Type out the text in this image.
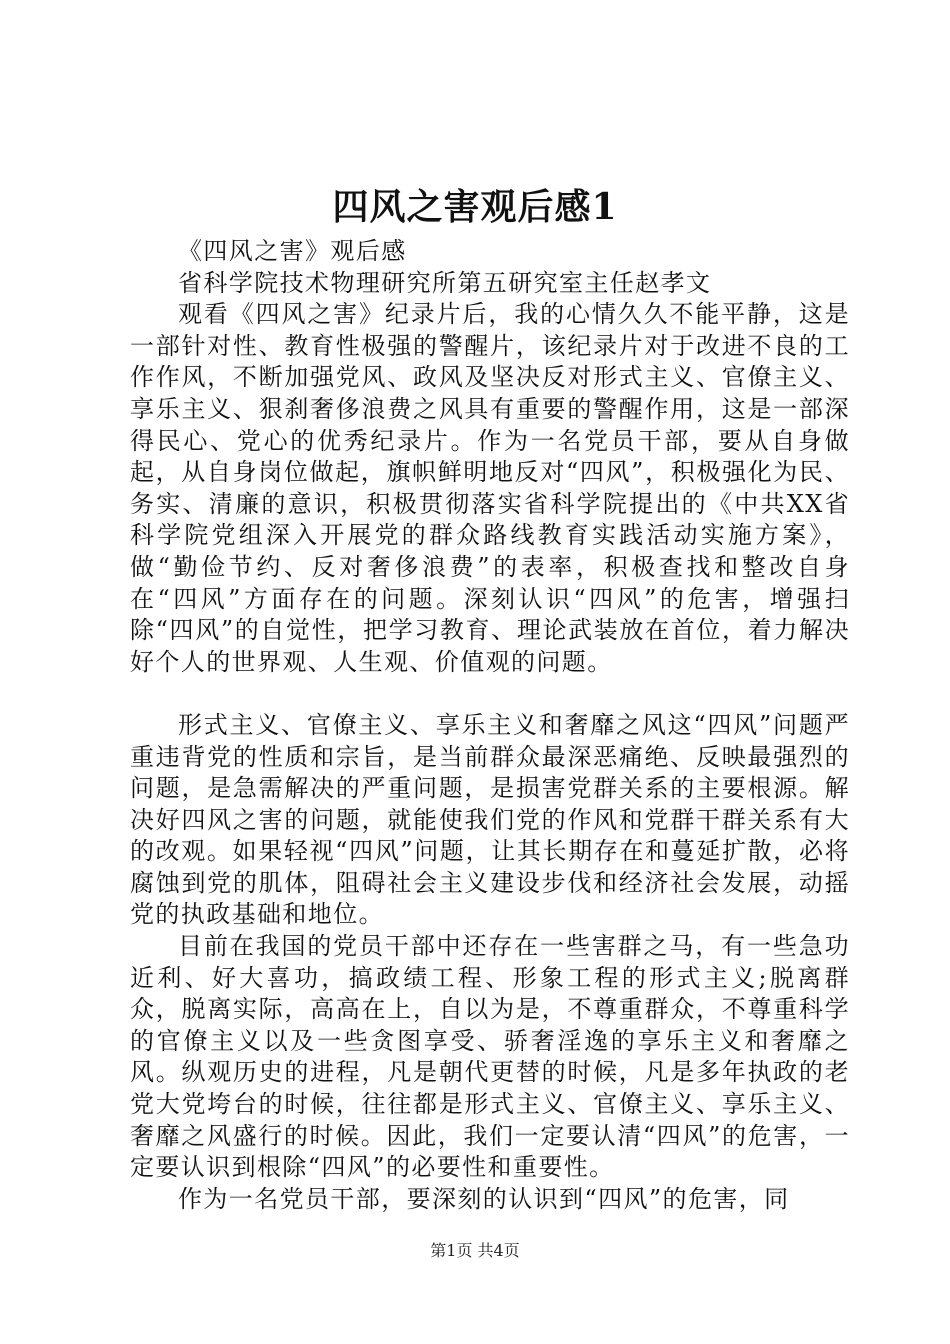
四风之害观后感1

《四风之害》观后感

省科学院技术物理研究所第五研究室主任赵孝文

观看《四风之害》纪录片后，我的心情久久不能平静，这是一部针对性、教育性极强的警醒片，该纪录片对于改进不良的工作作风，不断加强党风、政风及坚决反对形式主义、官僚主义、享乐主义、狠刹奢侈浪费之风具有重要的警醒作用，这是一部深得民心、党心的优秀纪录片。作为一名党员干部，要从自身做起，从自身岗位做起，旗帜鲜明地反对“四风”，积极强化为民、务实、清廉的意识，积极贯彻落实省科学院提出的《中共XX省科学院党组深入开展党的群众路线教育实践活动实施方案》，做“勤俭节约、反对奢侈浪费”的表率，积极查找和整改自身在“四风”方面存在的问题。深刻认识“四风”的危害，增强扫除“四风”的自觉性，把学习教育、理论武装放在首位，着力解决好个人的世界观、人生观、价值观的问题。

形式主义、官僚主义、享乐主义和奢靡之风这“四风”问题严重违背党的性质和宗旨，是当前群众最深恶痛绝、反映最强烈的问题，是急需解决的严重问题，是损害党群关系的主要根源。解决好四风之害的问题，就能使我们党的作风和党群干群关系有大的改观。如果轻视“四风”问题，让其长期存在和蔓延扩散，必将腐蚀到党的肌体，阻碍社会主义建设步伐和经济社会发展，动摇党的执政基础和地位。

目前在我国的党员干部中还存在一些害群之马，有一些急功近利、好大喜功，搞政绩工程、形象工程的形式主义;脱离群众，脱离实际，高高在上，自以为是，不尊重群众，不尊重科学的官僚主义以及一些贪图享受、骄奢淫逸的享乐主义和奢靡之风。纵观历史的进程，凡是朝代更替的时候，凡是多年执政的老党大党垮台的时候，往往都是形式主义、官僚主义、享乐主义、奢靡之风盛行的时候。因此，我们一定要认清“四风”的危害，一定要认识到根除“四风”的必要性和重要性。

作为一名党员干部，要深刻的认识到“四风”的危害，同

第1页 共4页
